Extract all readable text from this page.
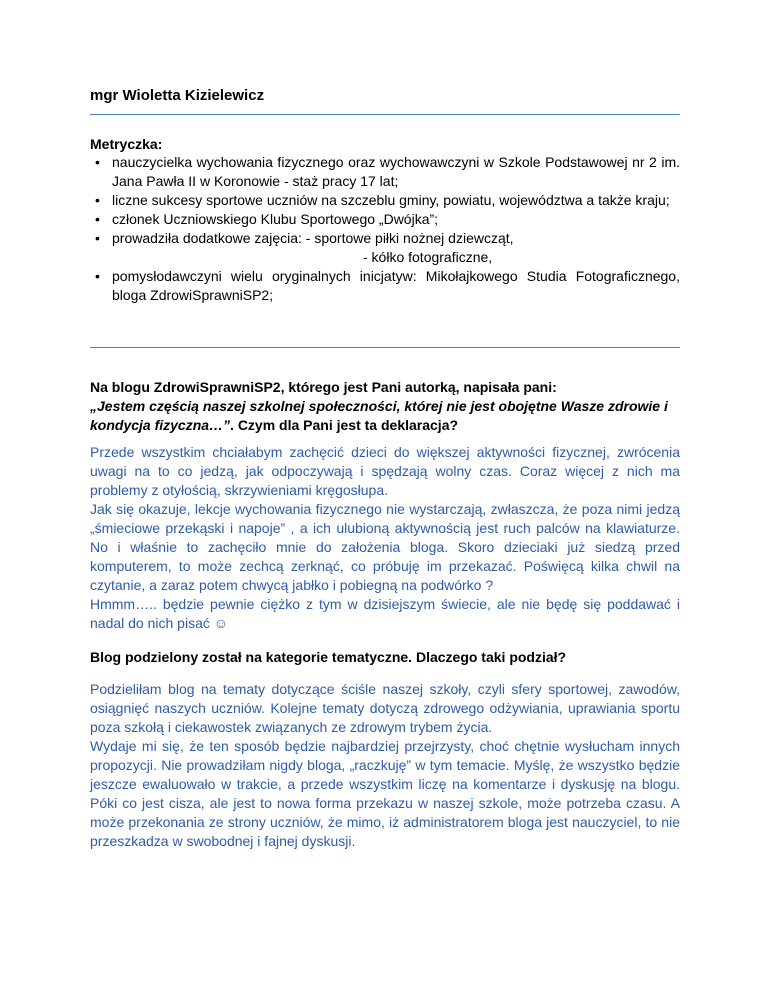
mgr Wioletta Kizielewicz

Metryczka:
• nauczycielka wychowania fizycznego oraz wychowawczyni w Szkole Podstawowej nr 2 im. Jana Pawła II w Koronowie - staż pracy 17 lat;
• liczne sukcesy sportowe uczniów na szczeblu gminy, powiatu, województwa a także kraju;
• członek Uczniowskiego Klubu Sportowego „Dwójka”;
• prowadziła dodatkowe zajęcia: - sportowe piłki nożnej dziewcząt,
- kółko fotograficzne,
• pomysłodawczyni wielu oryginalnych inicjatyw: Mikołajkowego Studia Fotograficznego, bloga ZdrowiSprawniSP2;

Na blogu ZdrowiSprawniSP2, którego jest Pani autorką, napisała pani:
„Jestem częścią naszej szkolnej społeczności, której nie jest obojętne Wasze zdrowie i kondycja fizyczna…”. Czym dla Pani jest ta deklaracja?

Przede wszystkim chciałabym zachęcić dzieci do większej aktywności fizycznej, zwrócenia uwagi na to co jedzą, jak odpoczywają i spędzają wolny czas. Coraz więcej z nich ma problemy z otyłością, skrzywieniami kręgosłupa.

Jak się okazuje, lekcje wychowania fizycznego nie wystarczają, zwłaszcza, że poza nimi jedzą „śmieciowe przekąski i napoje” , a ich ulubioną aktywnością jest ruch palców na klawiaturze. No i właśnie to zachęciło mnie do założenia bloga. Skoro dzieciaki już siedzą przed komputerem, to może zechcą zerknąć, co próbuję im przekazać. Poświęcą kilka chwil na czytanie, a zaraz potem chwycą jabłko i pobiegną na podwórko ?

Hmmm….. będzie pewnie ciężko z tym w dzisiejszym świecie, ale nie będę się poddawać i nadal do nich pisać ☺

Blog podzielony został na kategorie tematyczne. Dlaczego taki podział?

Podzieliłam blog na tematy dotyczące ściśle naszej szkoły, czyli sfery sportowej, zawodów, osiągnięć naszych uczniów. Kolejne tematy dotyczą zdrowego odżywiania, uprawiania sportu poza szkołą i ciekawostek związanych ze zdrowym trybem życia.

Wydaje mi się, że ten sposób będzie najbardziej przejrzysty, choć chętnie wysłucham innych propozycji. Nie prowadziłam nigdy bloga, „raczkuję” w tym temacie. Myślę, że wszystko będzie jeszcze ewaluowało w trakcie, a przede wszystkim liczę na komentarze i dyskusję na blogu. Póki co jest cisza, ale jest to nowa forma przekazu w naszej szkole, może potrzeba czasu. A może przekonania ze strony uczniów, że mimo, iż administratorem bloga jest nauczyciel, to nie przeszkadza w swobodnej i fajnej dyskusji.
